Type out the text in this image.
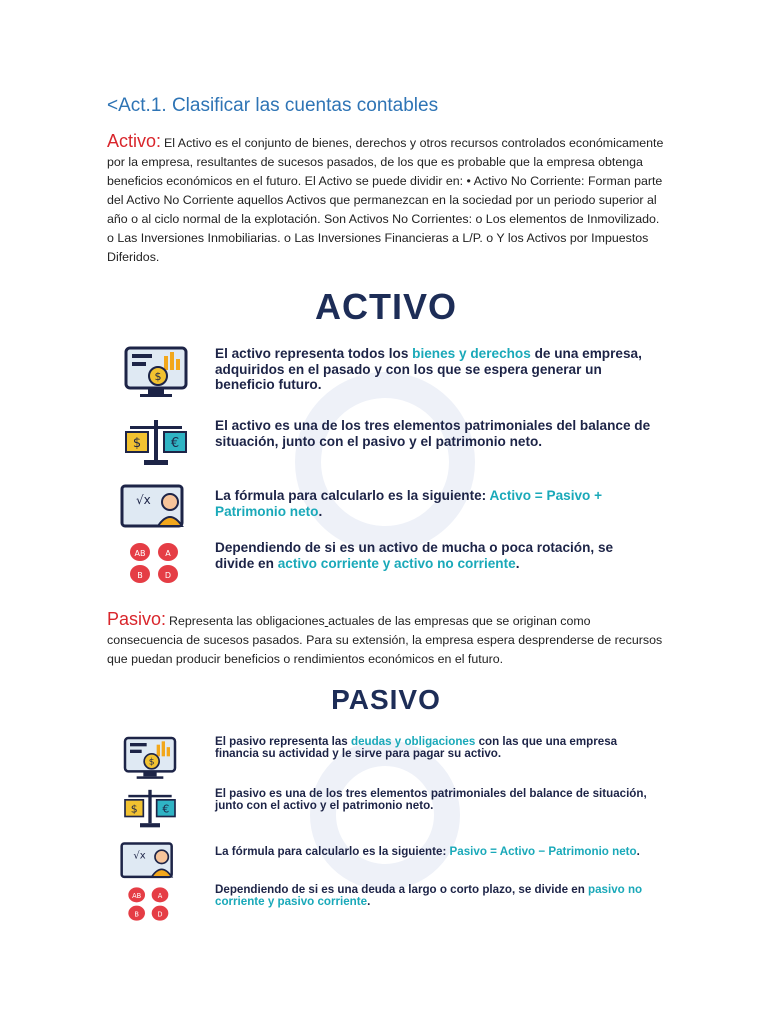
<Act.1. Clasificar las cuentas contables
Activo: El Activo es el conjunto de bienes, derechos y otros recursos controlados económicamente por la empresa, resultantes de sucesos pasados, de los que es probable que la empresa obtenga beneficios económicos en el futuro. El Activo se puede dividir en: • Activo No Corriente: Forman parte del Activo No Corriente aquellos Activos que permanezcan en la sociedad por un periodo superior al año o al ciclo normal de la explotación. Son Activos No Corrientes: o Los elementos de Inmovilizado. o Las Inversiones Inmobiliarias. o Las Inversiones Financieras a L/P. o Y los Activos por Impuestos Diferidos.
ACTIVO
$
El activo representa todos los bienes y derechos de una empresa, adquiridos en el pasado y con los que se espera generar un beneficio futuro.
$ €
El activo es una de los tres elementos patrimoniales del balance de situación, junto con el pasivo y el patrimonio neto.
√x	La fórmula para calcularlo es la siguiente: Activo = Pasivo + Patrimonio neto.
AB A
B	D
Dependiendo de si es un activo de mucha o poca rotación, se divide en activo corriente y activo no corriente.
Pasivo: Representa las obligaciones actuales de las empresas que se originan como consecuencia de sucesos pasados. Para su extensión, la empresa espera desprenderse de recursos que puedan producir beneficios o rendimientos económicos en el futuro.
PASIVO
$
El pasivo representa las deudas y obligaciones con las que una empresa financia su actividad y le sirve para pagar su activo.
$ €
El pasivo es una de los tres elementos patrimoniales del balance de situación, junto con el activo y el patrimonio neto.
√x	La fórmula para calcularlo es la siguiente: Pasivo = Activo − Patrimonio neto.
AB A
B D
Dependiendo de si es una deuda a largo o corto plazo, se divide en pasivo no corriente y pasivo corriente.
